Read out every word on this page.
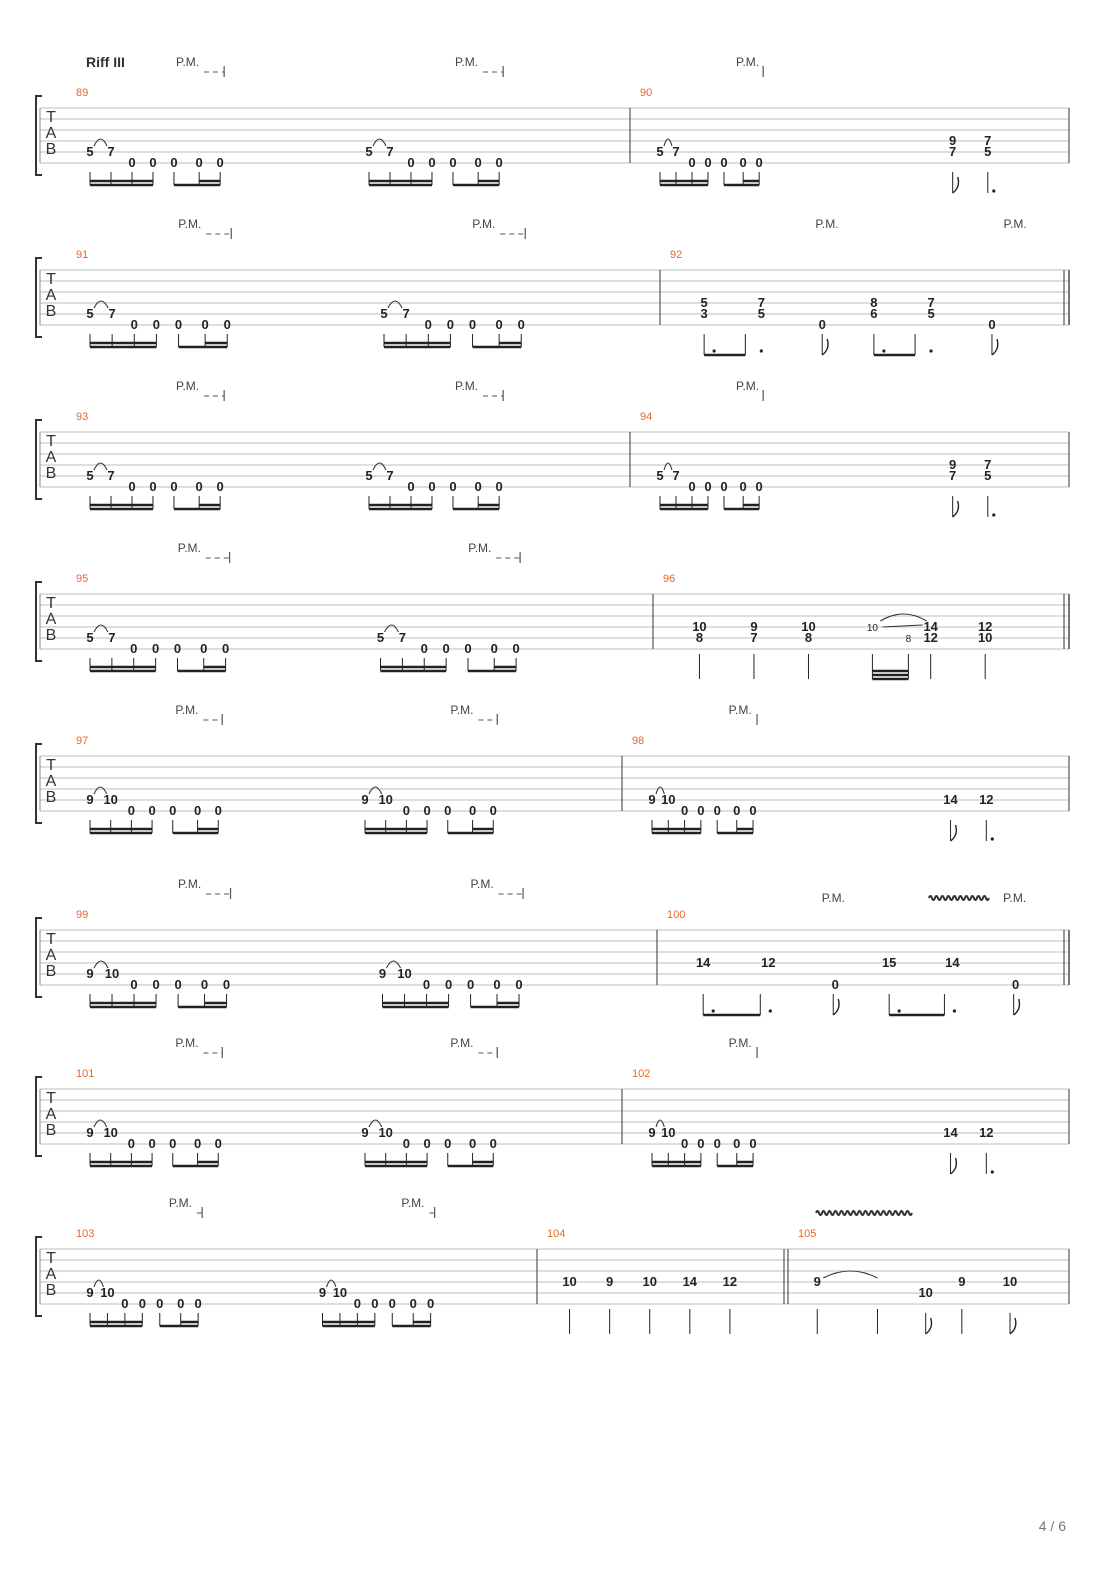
Riff III
T
A
B
89
5 7
0 0 0 0 0
5 7
0 0 0 0 0
P.M.	P.M.
90
5 7
0 0 0 0 0
P.M.
9
7
7
5
T
A
B
91
5 7
0 0 0 0 0
5 7
0 0 0 0 0
P.M.	P.M.
92
5
3
7
5
0
8
6
7
5
0
P.M.	P.M.
T
A
B
93
5 7
0 0 0 0 0
5 7
0 0 0 0 0
P.M.	P.M.
94
5 7
0 0 0 0 0
P.M.
9
7
7
5
T
A
B
95
5 7
0 0 0 0 0
5 7
0 0 0 0 0
P.M.	P.M.
96
10
8
9
7
10
8
10
8
14
12
12
10
T
A
B
97
9 10
0 0 0 0 0
9 10
0 0 0 0 0
P.M.	P.M.
98
9 10
0 0 0 0 0
P.M.
14 12
T
A
B
99
9 10
0 0 0 0 0
9 10
0 0 0 0 0
P.M.	P.M.
100
14	12
0
15	14
0
P.M.	P.M.
T
A
B
101
9 10
0 0 0 0 0
9 10
0 0 0 0 0
P.M.	P.M.
102
9 10
0 0 0 0 0
P.M.
14 12
T
A
B
103
9 10
0 0 0 0 0
9 10
0 0 0 0 0
P.M.	P.M.
104
10 9 10 14 12
105
9
10
9	10
4 / 6
